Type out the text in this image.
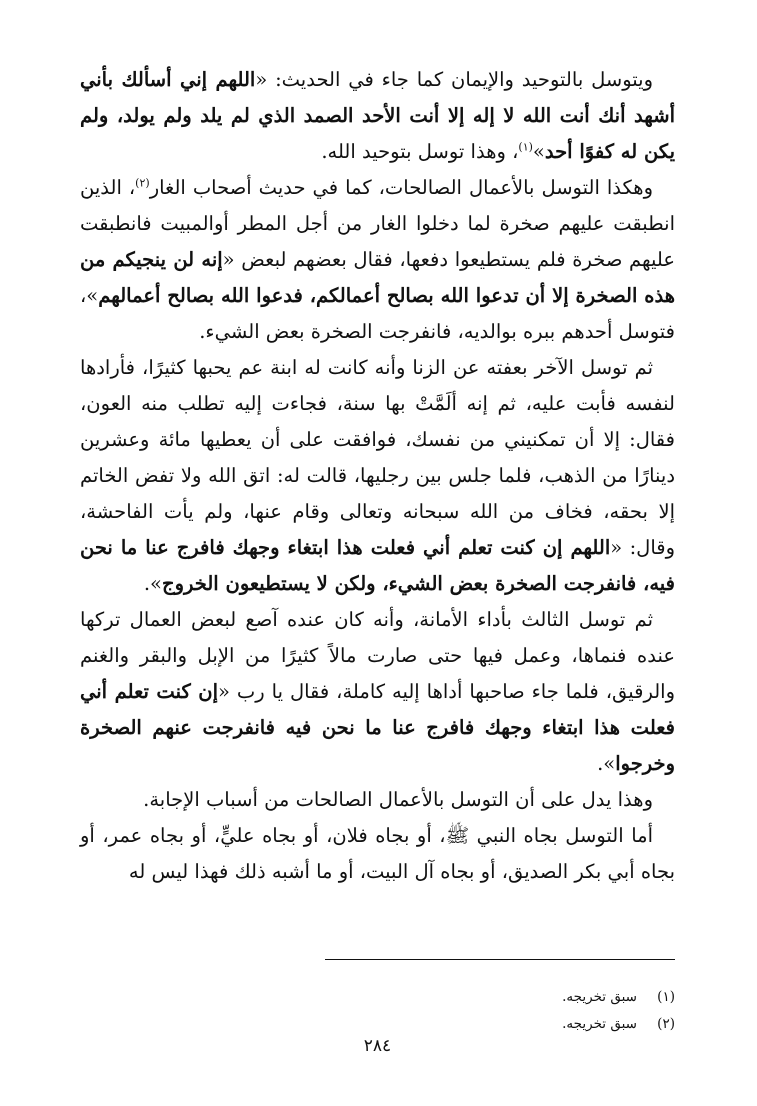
ويتوسل بالتوحيد والإيمان كما جاء في الحديث: «اللهم إني أسألك بأني أشهد أنك أنت الله لا إله إلا أنت الأحد الصمد الذي لم يلد ولم يولد، ولم يكن له كفوًا أحد»$^{(١)}$، وهذا توسل بتوحيد الله.

وهكذا التوسل بالأعمال الصالحات، كما في حديث أصحاب الغار$^{(٢)}$، الذين انطبقت عليهم صخرة لما دخلوا الغار من أجل المطر أوالمبيت فانطبقت عليهم صخرة فلم يستطيعوا دفعها، فقال بعضهم لبعض «إنه لن ينجيكم من هذه الصخرة إلا أن تدعوا الله بصالح أعمالكم، فدعوا الله بصالح أعمالهم»، فتوسل أحدهم ببره بوالديه، فانفرجت الصخرة بعض الشيء.

ثم توسل الآخر بعفته عن الزنا وأنه كانت له ابنة عم يحبها كثيرًا، فأرادها لنفسه فأبت عليه، ثم إنه ألَمَّتْ بها سنة، فجاءت إليه تطلب منه العون، فقال: إلا أن تمكنيني من نفسك، فوافقت على أن يعطيها مائة وعشرين دينارًا من الذهب، فلما جلس بين رجليها، قالت له: اتق الله ولا تفض الخاتم إلا بحقه، فخاف من الله سبحانه وتعالى وقام عنها، ولم يأت الفاحشة، وقال: «اللهم إن كنت تعلم أني فعلت هذا ابتغاء وجهك فافرج عنا ما نحن فيه، فانفرجت الصخرة بعض الشيء، ولكن لا يستطيعون الخروج».

ثم توسل الثالث بأداء الأمانة، وأنه كان عنده آصع لبعض العمال تركها عنده فنماها، وعمل فيها حتى صارت مالاً كثيرًا من الإبل والبقر والغنم والرقيق، فلما جاء صاحبها أداها إليه كاملة، فقال يا رب «إن كنت تعلم أني فعلت هذا ابتغاء وجهك فافرج عنا ما نحن فيه فانفرجت عنهم الصخرة وخرجوا».

وهذا يدل على أن التوسل بالأعمال الصالحات من أسباب الإجابة.

أما التوسل بجاه النبي ﷺ، أو بجاه فلان، أو بجاه عليٍّ، أو بجاه عمر، أو بجاه أبي بكر الصديق، أو بجاه آل البيت، أو ما أشبه ذلك فهذا ليس له

(١)سبق تخريجه.
(٢)سبق تخريجه.
٢٨٤
